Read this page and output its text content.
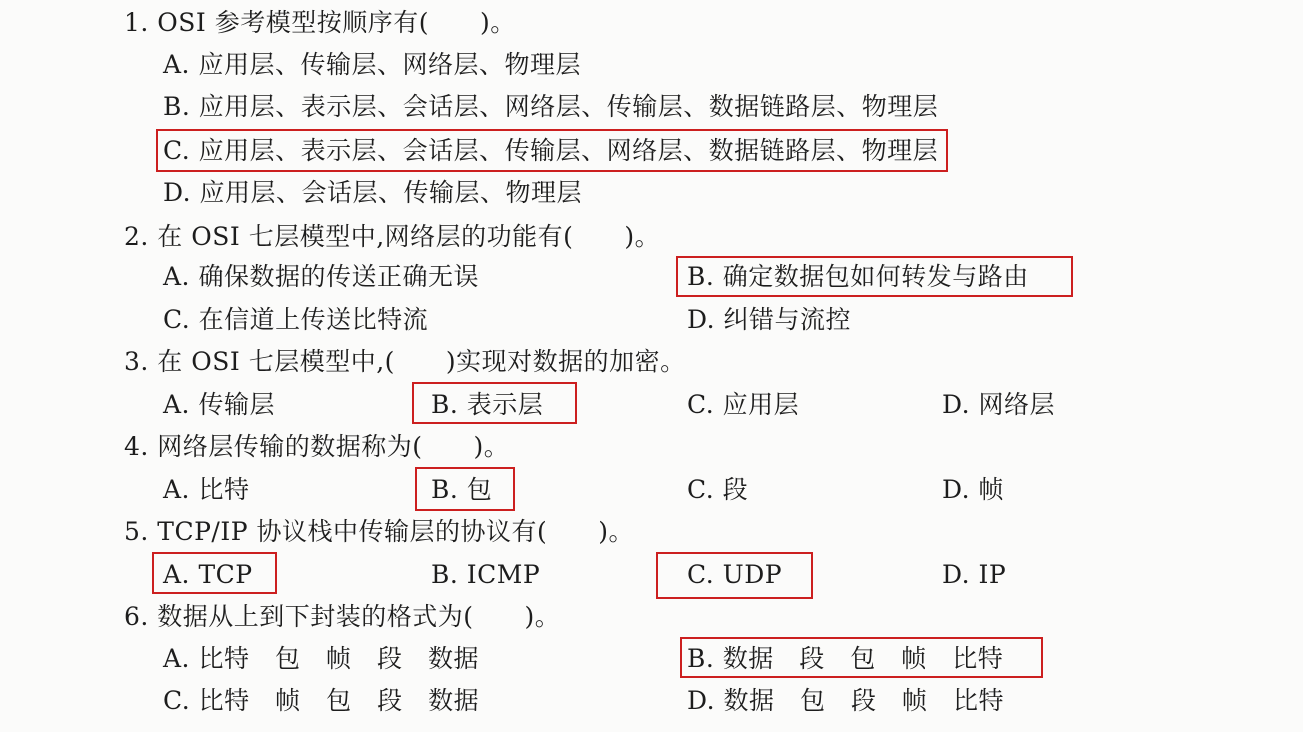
1. OSI 参考模型按顺序有(　　)。
A. 应用层、传输层、网络层、物理层
B. 应用层、表示层、会话层、网络层、传输层、数据链路层、物理层
C. 应用层、表示层、会话层、传输层、网络层、数据链路层、物理层
D. 应用层、会话层、传输层、物理层
2. 在 OSI 七层模型中,网络层的功能有(　　)。
A. 确保数据的传送正确无误	B. 确定数据包如何转发与路由
C. 在信道上传送比特流	D. 纠错与流控
3. 在 OSI 七层模型中,(　　)实现对数据的加密。
A. 传输层	B. 表示层	C. 应用层	D. 网络层
4. 网络层传输的数据称为(　　)。
A. 比特	B. 包	C. 段	D. 帧
5. TCP/IP 协议栈中传输层的协议有(　　)。
A. TCP	B. ICMP	C. UDP	D. IP
6. 数据从上到下封装的格式为(　　)。
A. 比特　包　帧　段　数据	B. 数据　段　包　帧　比特
C. 比特　帧　包　段　数据	D. 数据　包　段　帧　比特
